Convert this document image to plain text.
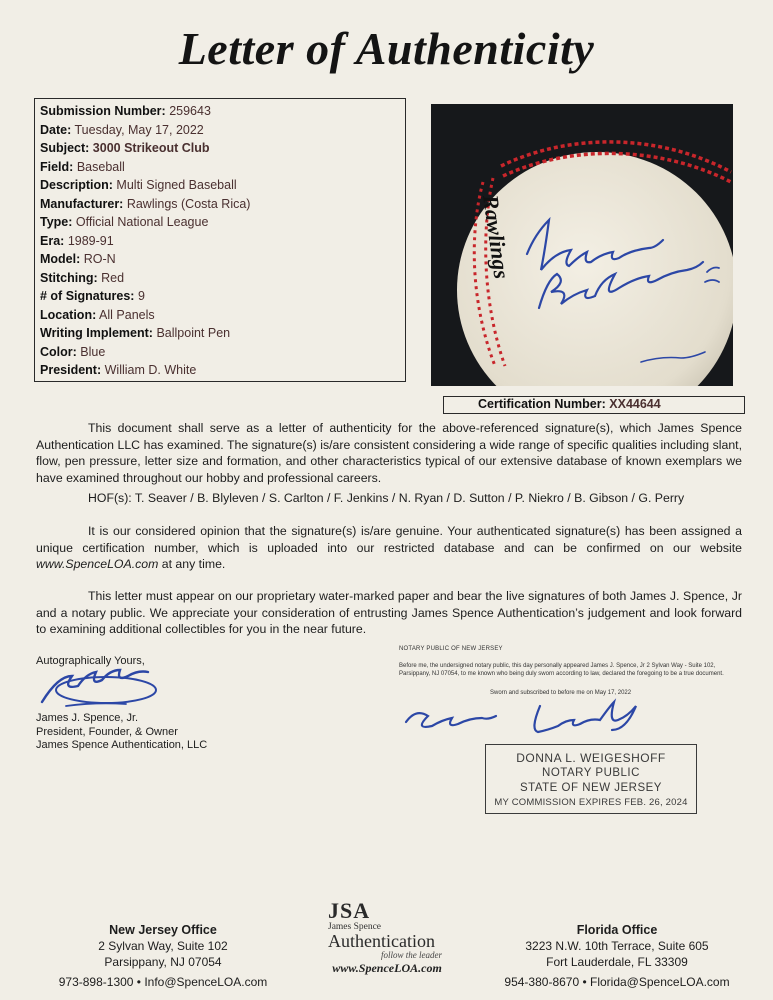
Letter of Authenticity
Submission Number: 259643
Date: Tuesday, May 17, 2022
Subject: 3000 Strikeout Club
Field: Baseball
Description: Multi Signed Baseball
Manufacturer: Rawlings (Costa Rica)
Type: Official National League
Era: 1989-91
Model: RO-N
Stitching: Red
# of Signatures: 9
Location: All Panels
Writing Implement: Ballpoint Pen
Color: Blue
President: William D. White
Rawlings
Certification Number: XX44644
This document shall serve as a letter of authenticity for the above-referenced signature(s), which James Spence Authentication LLC has examined. The signature(s) is/are consistent considering a wide range of specific qualities including slant, flow, pen pressure, letter size and formation, and other characteristics typical of our extensive database of known exemplars we have examined throughout our hobby and professional careers.
HOF(s): T. Seaver / B. Blyleven / S. Carlton / F. Jenkins / N. Ryan / D. Sutton / P. Niekro / B. Gibson / G. Perry
It is our considered opinion that the signature(s) is/are genuine. Your authenticated signature(s) has been assigned a unique certification number, which is uploaded into our restricted database and can be confirmed on our website www.SpenceLOA.com at any time.
This letter must appear on our proprietary water-marked paper and bear the live signatures of both James J. Spence, Jr and a notary public. We appreciate your consideration of entrusting James Spence Authentication’s judgement and look forward to examining additional collectibles for you in the near future.
Autographically Yours,
James J. Spence, Jr.
President, Founder, & Owner
James Spence Authentication, LLC
NOTARY PUBLIC OF NEW JERSEY
Before me, the undersigned notary public, this day personally appeared James J. Spence, Jr 2 Sylvan Way - Suite 102, Parsippany, NJ 07054, to me known who being duly sworn according to law, declared the foregoing to be a true document.
Sworn and subscribed to before me on May 17, 2022
DONNA L. WEIGESHOFF
NOTARY PUBLIC
STATE OF NEW JERSEY
MY COMMISSION EXPIRES FEB. 26, 2024
New Jersey Office
2 Sylvan Way, Suite 102
Parsippany, NJ 07054
973-898-1300 • Info@SpenceLOA.com
JSA
James Spence
Authentication
follow the leader
www.SpenceLOA.com
Florida Office
3223 N.W. 10th Terrace, Suite 605
Fort Lauderdale, FL 33309
954-380-8670 • Florida@SpenceLOA.com
